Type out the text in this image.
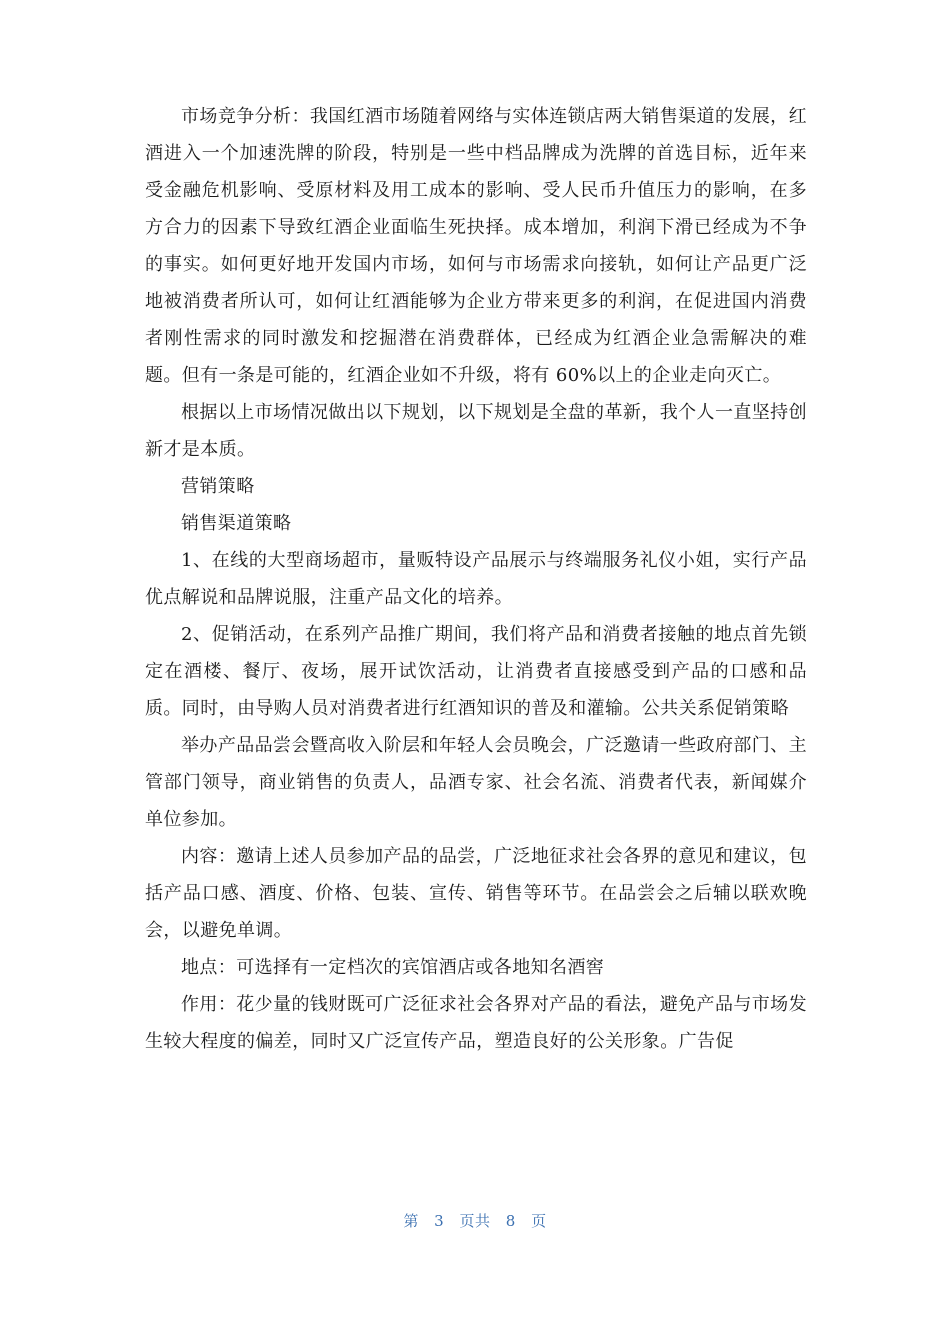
市场竞争分析：我国红酒市场随着网络与实体连锁店两大销售渠道的发展，红酒进入一个加速洗牌的阶段，特别是一些中档品牌成为洗牌的首选目标，近年来受金融危机影响、受原材料及用工成本的影响、受人民币升值压力的影响，在多方合力的因素下导致红酒企业面临生死抉择。成本增加，利润下滑已经成为不争的事实。如何更好地开发国内市场，如何与市场需求向接轨，如何让产品更广泛地被消费者所认可，如何让红酒能够为企业方带来更多的利润，在促进国内消费者刚性需求的同时激发和挖掘潜在消费群体，已经成为红酒企业急需解决的难题。但有一条是可能的，红酒企业如不升级，将有 60%以上的企业走向灭亡。

根据以上市场情况做出以下规划，以下规划是全盘的革新，我个人一直坚持创新才是本质。

营销策略

销售渠道策略

1、在线的大型商场超市，量贩特设产品展示与终端服务礼仪小姐，实行产品优点解说和品牌说服，注重产品文化的培养。

2、促销活动，在系列产品推广期间，我们将产品和消费者接触的地点首先锁定在酒楼、餐厅、夜场，展开试饮活动，让消费者直接感受到产品的口感和品质。同时，由导购人员对消费者进行红酒知识的普及和灌输。公共关系促销策略

举办产品品尝会暨高收入阶层和年轻人会员晚会，广泛邀请一些政府部门、主管部门领导，商业销售的负责人，品酒专家、社会名流、消费者代表，新闻媒介单位参加。

内容：邀请上述人员参加产品的品尝，广泛地征求社会各界的意见和建议，包括产品口感、酒度、价格、包装、宣传、销售等环节。在品尝会之后辅以联欢晚会，以避免单调。

地点：可选择有一定档次的宾馆酒店或各地知名酒窖

作用：花少量的钱财既可广泛征求社会各界对产品的看法，避免产品与市场发生较大程度的偏差，同时又广泛宣传产品，塑造良好的公关形象。广告促

第 3 页共 8 页
